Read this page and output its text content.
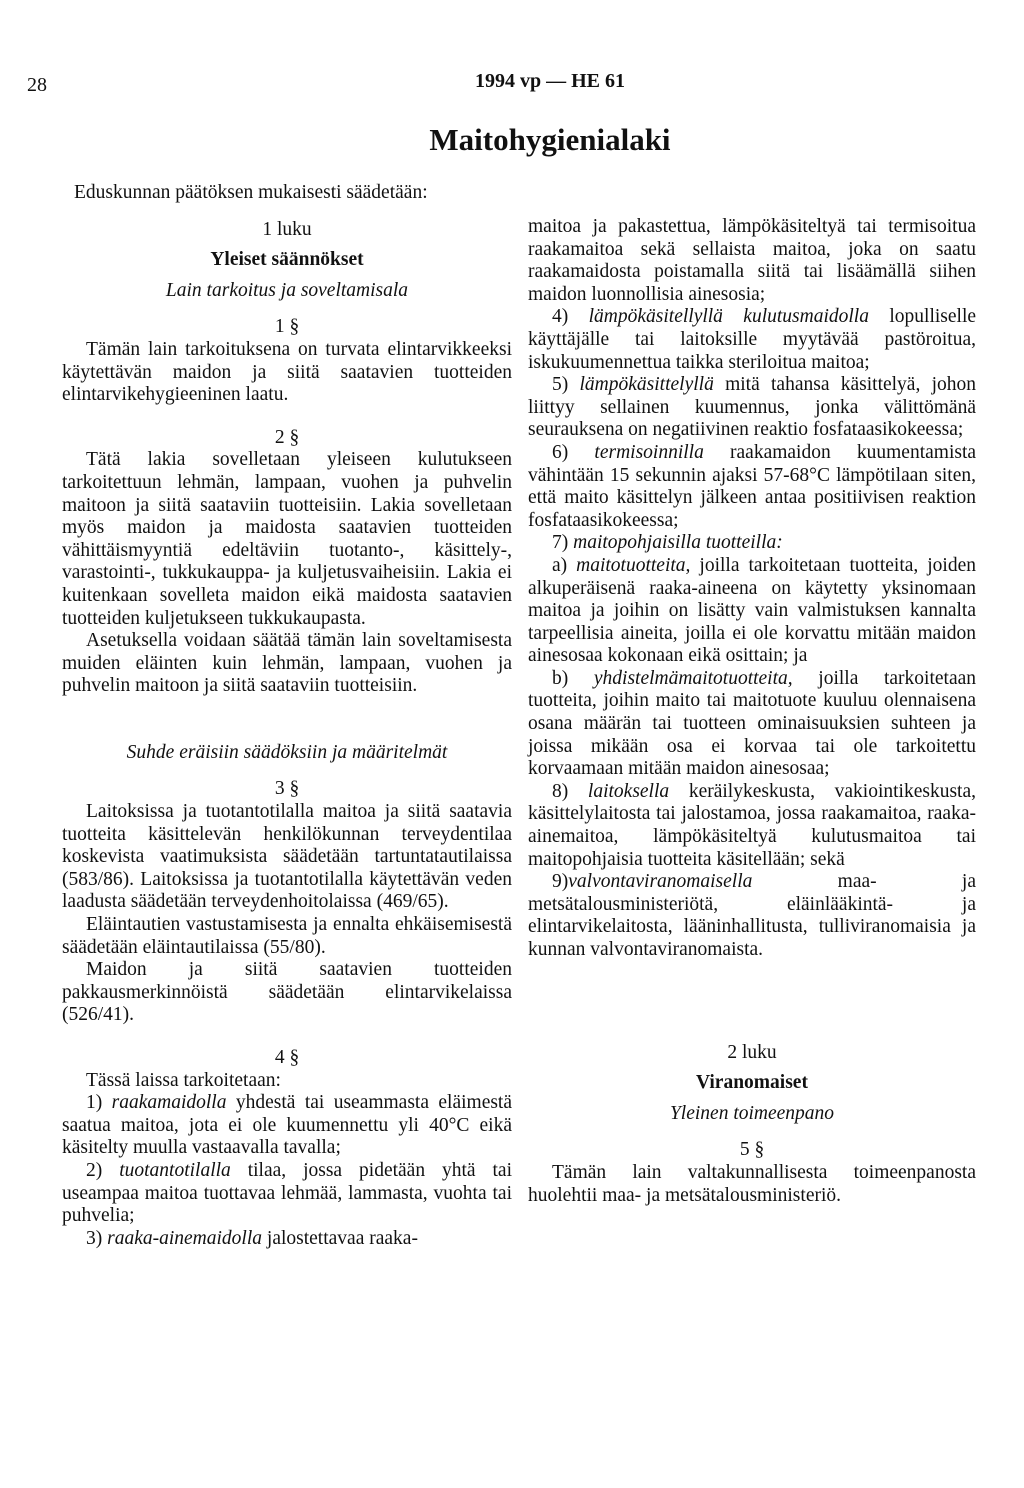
28	1994 vp — HE 61
Maitohygienialaki

Eduskunnan päätöksen mukaisesti säädetään:

1 luku

Yleiset säännökset

Lain tarkoitus ja soveltamisala

1 §

Tämän lain tarkoituksena on turvata elintarvikkeeksi käytettävän maidon ja siitä saatavien tuotteiden elintarvikehygieeninen laatu.

2 §

Tätä lakia sovelletaan yleiseen kulutukseen tarkoitettuun lehmän, lampaan, vuohen ja puhvelin maitoon ja siitä saataviin tuotteisiin. Lakia sovelletaan myös maidon ja maidosta saatavien tuotteiden vähittäismyyntiä edeltäviin tuotanto-, käsittely-, varastointi-, tukkukauppa- ja kuljetusvaiheisiin. Lakia ei kuitenkaan sovelleta maidon eikä maidosta saatavien tuotteiden kuljetukseen tukkukaupasta.

Asetuksella voidaan säätää tämän lain soveltamisesta muiden eläinten kuin lehmän, lampaan, vuohen ja puhvelin maitoon ja siitä saataviin tuotteisiin.

Suhde eräisiin säädöksiin ja määritelmät

3 §

Laitoksissa ja tuotantotilalla maitoa ja siitä saatavia tuotteita käsittelevän henkilökunnan terveydentilaa koskevista vaatimuksista säädetään tartuntatautilaissa (583/86). Laitoksissa ja tuotantotilalla käytettävän veden laadusta säädetään terveydenhoitolaissa (469/65).

Eläintautien vastustamisesta ja ennalta ehkäisemisestä säädetään eläintautilaissa (55/80).

Maidon ja siitä saatavien tuotteiden pakkausmerkinnöistä säädetään elintarvikelaissa (526/41).

4 §

Tässä laissa tarkoitetaan:

1) raakamaidolla yhdestä tai useammasta eläimestä saatua maitoa, jota ei ole kuumennettu yli 40°C eikä käsitelty muulla vastaavalla tavalla;

2) tuotantotilalla tilaa, jossa pidetään yhtä tai useampaa maitoa tuottavaa lehmää, lammasta, vuohta tai puhvelia;

3) raaka-ainemaidolla jalostettavaa raaka-

maitoa ja pakastettua, lämpökäsiteltyä tai termisoitua raakamaitoa sekä sellaista maitoa, joka on saatu raakamaidosta poistamalla siitä tai lisäämällä siihen maidon luonnollisia ainesosia;

4) lämpökäsitellyllä kulutusmaidolla lopulliselle käyttäjälle tai laitoksille myytävää pastöroitua, iskukuumennettua taikka steriloitua maitoa;

5) lämpökäsittelyllä mitä tahansa käsittelyä, johon liittyy sellainen kuumennus, jonka välittömänä seurauksena on negatiivinen reaktio fosfataasikokeessa;

6) termisoinnilla raakamaidon kuumentamista vähintään 15 sekunnin ajaksi 57-68°C lämpötilaan siten, että maito käsittelyn jälkeen antaa positiivisen reaktion fosfataasikokeessa;

7) maitopohjaisilla tuotteilla:

a) maitotuotteita, joilla tarkoitetaan tuotteita, joiden alkuperäisenä raaka-aineena on käytetty yksinomaan maitoa ja joihin on lisätty vain valmistuksen kannalta tarpeellisia aineita, joilla ei ole korvattu mitään maidon ainesosaa kokonaan eikä osittain; ja

b) yhdistelmämaitotuotteita, joilla tarkoitetaan tuotteita, joihin maito tai maitotuote kuuluu olennaisena osana määrän tai tuotteen ominaisuuksien suhteen ja joissa mikään osa ei korvaa tai ole tarkoitettu korvaamaan mitään maidon ainesosaa;

8) laitoksella keräilykeskusta, vakiointikeskusta, käsittelylaitosta tai jalostamoa, jossa raakamaitoa, raaka-ainemaitoa, lämpökäsiteltyä kulutusmaitoa tai maitopohjaisia tuotteita käsitellään; sekä

9)valvontaviranomaisella	maa- ja metsätalousministeriötä, eläinlääkintä- ja elintarvikelaitosta, lääninhallitusta, tulliviranomaisia ja kunnan valvontaviranomaista.

2 luku

Viranomaiset

Yleinen toimeenpano

5 §

Tämän lain valtakunnallisesta toimeenpanosta huolehtii maa- ja metsätalousministeriö.
